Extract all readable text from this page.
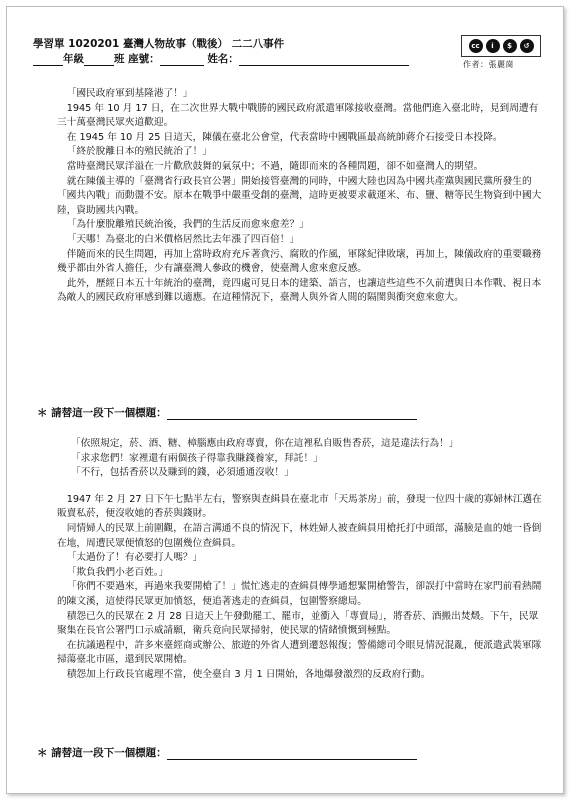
學習單 1020201 臺灣人物故事（戰後） 二二八事件
年級	班 座號：	姓名：
cc	i	$	↺
作者：張麗崗

「國民政府軍到基隆港了！」

1945 年 10 月 17 日，在二次世界大戰中戰勝的國民政府派遣軍隊接收臺灣。當他們進入臺北時，見到周遭有三十萬臺灣民眾夾道歡迎。

在 1945 年 10 月 25 日這天，陳儀在臺北公會堂，代表當時中國戰區最高統帥蔣介石接受日本投降。

「終於脫離日本的殖民統治了！」

當時臺灣民眾洋溢在一片歡欣鼓舞的氣氛中；不過，隨即而來的各種問題，卻不如臺灣人的期望。

就在陳儀主導的「臺灣省行政長官公署」開始接管臺灣的同時，中國大陸也因為中國共產黨與國民黨所發生的「國共內戰」而動盪不安。原本在戰爭中嚴重受創的臺灣，這時更被要求載運米、布、鹽、糖等民生物資到中國大陸，資助國共內戰。

「為什麼脫離殖民統治後，我們的生活反而愈來愈差？」

「天哪！為臺北的白米價格居然比去年漲了四百倍！」

伴隨而來的民生問題，再加上當時政府充斥著貪污、腐敗的作風，軍隊紀律敗壞，再加上，陳儀政府的重要職務幾乎都由外省人擔任，少有讓臺灣人參政的機會，使臺灣人愈來愈反感。

此外，歷經日本五十年統治的臺灣，竟四處可見日本的建築、語言，也讓這些這些不久前遭與日本作戰、視日本為敵人的國民政府軍感到難以適應。在這種情況下，臺灣人與外省人間的隔閡與衝突愈來愈大。

＊ 請替這一段下一個標題：

「依照規定，菸、酒、糖、樟腦應由政府專賣，你在這裡私自販售香菸，這是違法行為！」

「求求您們！家裡還有兩個孩子得靠我賺錢養家，拜託！」

「不行，包括香菸以及賺到的錢，必須通通沒收！」

1947 年 2 月 27 日下午七點半左右，警察與查緝員在臺北市「天馬茶房」前，發現一位四十歲的寡婦林江邁在販賣私菸，便沒收她的香菸與錢財。

同情婦人的民眾上前圍觀，在語言溝通不良的情況下，林姓婦人被查緝員用槍托打中頭部，滿臉是血的她一昏倒在地，周遭民眾便憤怒的包圍幾位查緝員。

「太過份了！有必要打人嗎？」

「欺負我們小老百姓。」

「你們不要過來，再過來我要開槍了！」慌忙逃走的查緝員傅學通想緊開槍警告，卻誤打中當時在家門前看熱鬧的陳文溪，這使得民眾更加憤怒，便追著逃走的查緝員，包圍警察總局。

積怨已久的民眾在 2 月 28 日這天上午發動罷工、罷市，並衝入「專賣局」，將香菸、酒搬出焚燬。下午，民眾聚集在長官公署門口示威請願，衛兵竟向民眾掃射，使民眾的情緒憤慨到極點。

在抗議過程中，許多來臺經商或辦公、旅遊的外省人遭到遷怒報復；警備總司令眼見情況混亂，便派遣武裝軍隊掃蕩臺北市區，還到民眾開槍。

積怨加上行政長官處理不當，使全臺自 3 月 1 日開始，各地爆發激烈的反政府行動。

＊ 請替這一段下一個標題：
